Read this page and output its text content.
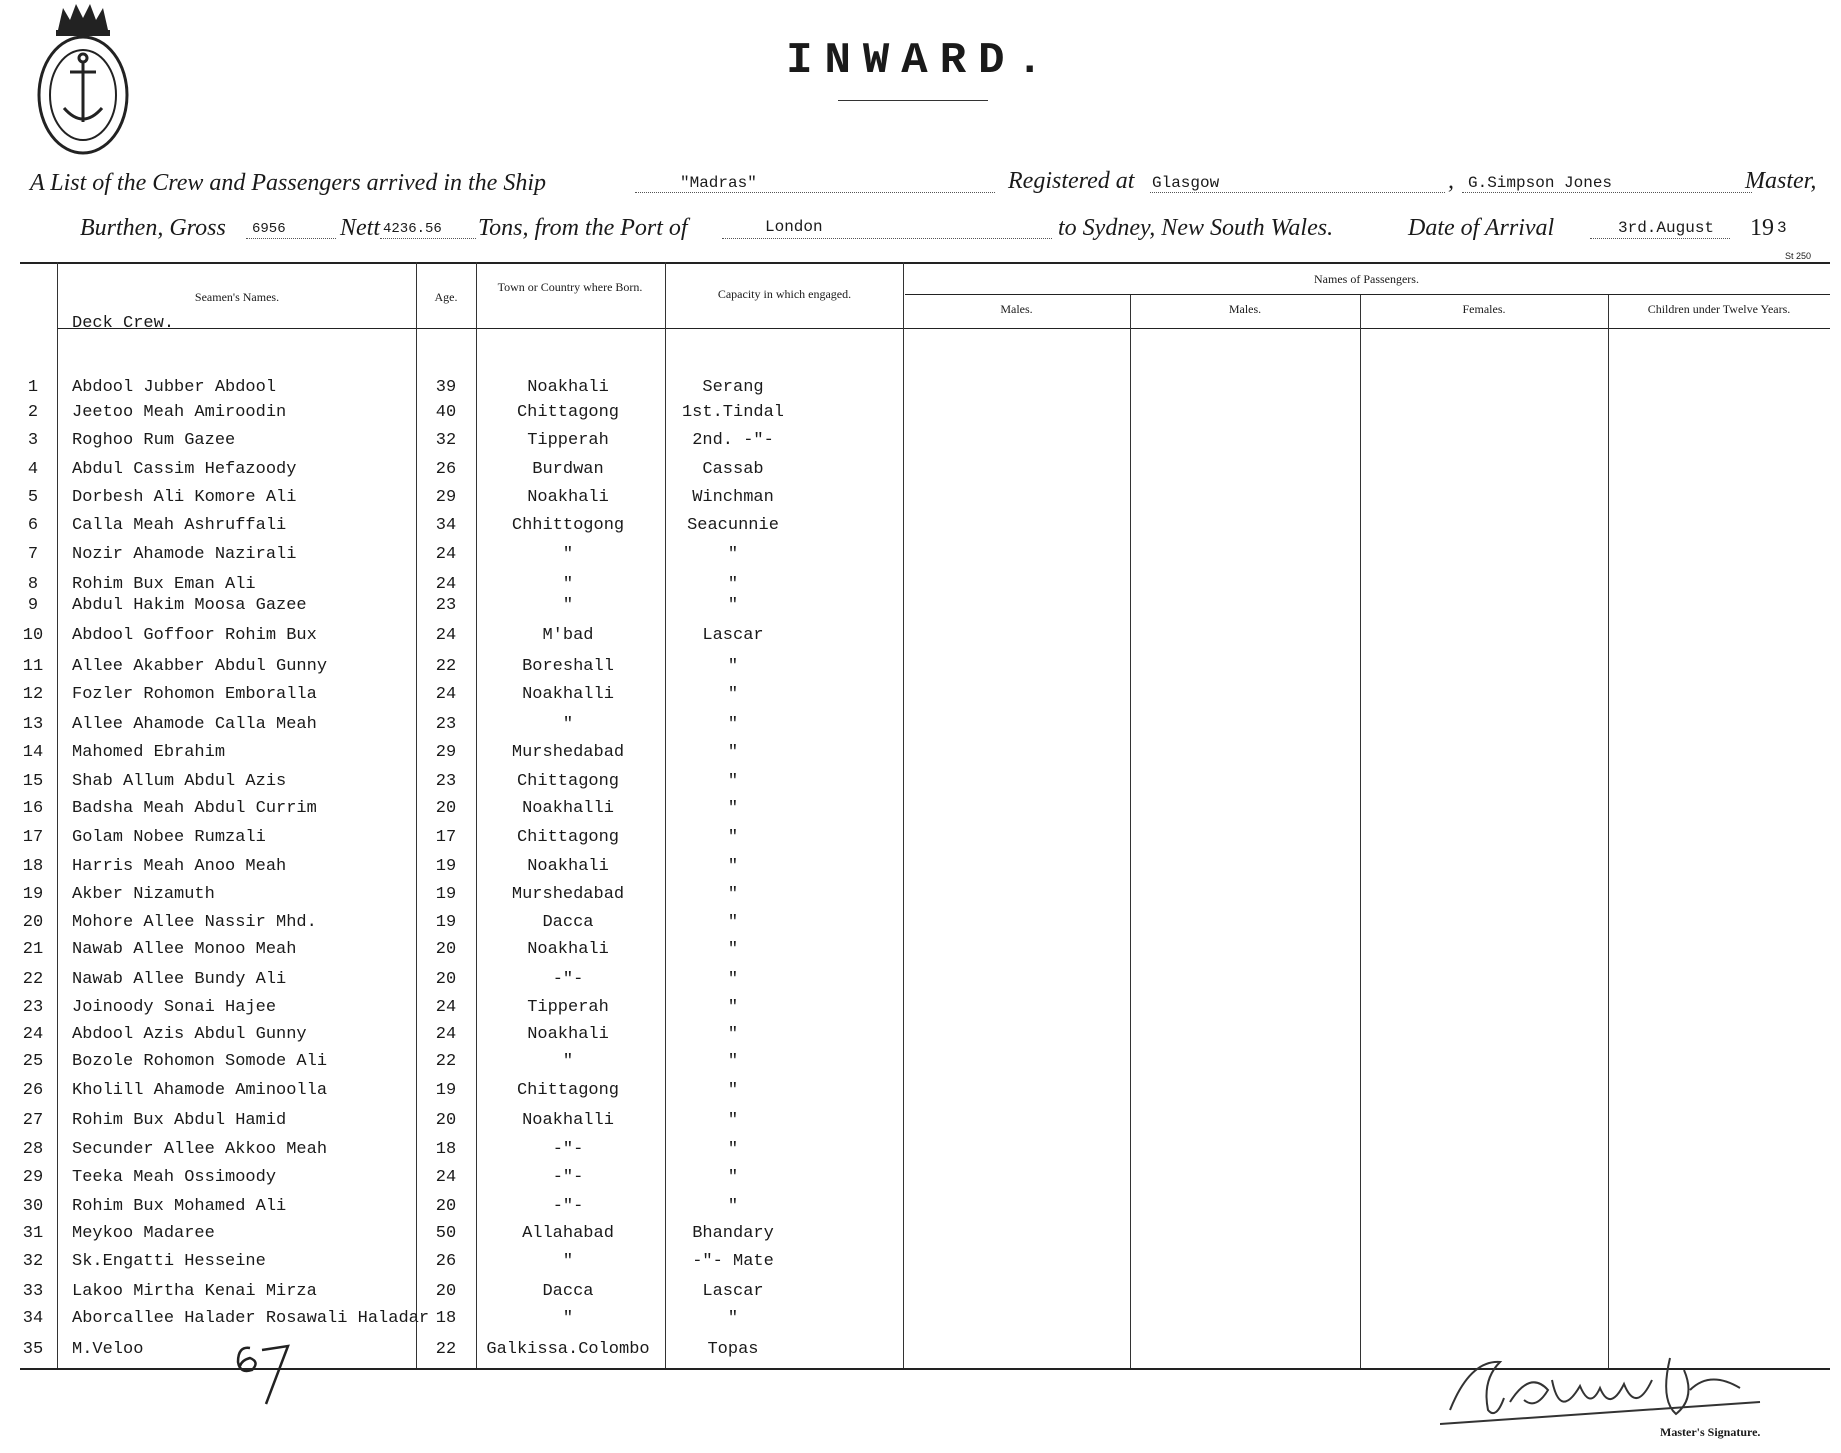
INWARD.
A List of the Crew and Passengers arrived in the Ship	"Madras"	Registered at Glasgow	, G.Simpson Jones	Master,
Burthen, Gross 6956 Nett 4236.56 Tons, from the Port of	London	to Sydney, New South Wales.	Date of Arrival	3rd.August 19 3
St 250
Seamen's Names.	Age.
Town or Country where Born.	Capacity in which engaged.
Names of Passengers.
Males.	Males.	Females.	Children under Twelve Years.
Deck Crew.
1	Abdool Jubber Abdool	39	Noakhali	Serang
2	Jeetoo Meah Amiroodin	40	Chittagong	1st.Tindal
3	Roghoo Rum Gazee	32	Tipperah	2nd. -"-
4	Abdul Cassim Hefazoody	26	Burdwan	Cassab
5	Dorbesh Ali Komore Ali	29	Noakhali	Winchman
6	Calla Meah Ashruffali	34	Chhittogong	Seacunnie
7	Nozir Ahamode Nazirali	24	"	"
8	Rohim Bux Eman Ali	24	"	"
9	Abdul Hakim Moosa Gazee	23	"	"
10 Abdool Goffoor Rohim Bux	24	M'bad	Lascar
11 Allee Akabber Abdul Gunny	22	Boreshall	"
12 Fozler Rohomon Emboralla	24	Noakhalli	"
13 Allee Ahamode Calla Meah	23	"	"
14 Mahomed Ebrahim	29	Murshedabad	"
15 Shab Allum Abdul Azis	23	Chittagong	"
16 Badsha Meah Abdul Currim	20	Noakhalli	"
17 Golam Nobee Rumzali	17	Chittagong	"
18 Harris Meah Anoo Meah	19	Noakhali	"
19 Akber Nizamuth	19	Murshedabad	"
20 Mohore Allee Nassir Mhd.	19	Dacca	"
21 Nawab Allee Monoo Meah	20	Noakhali	"
22 Nawab Allee Bundy Ali	20	-"-	"
23 Joinoody Sonai Hajee	24	Tipperah	"
24 Abdool Azis Abdul Gunny	24	Noakhali	"
25 Bozole Rohomon Somode Ali	22	"	"
26 Kholill Ahamode Aminoolla	19	Chittagong	"
27 Rohim Bux Abdul Hamid	20	Noakhalli	"
28 Secunder Allee Akkoo Meah	18	-"-	"
29 Teeka Meah Ossimoody	24	-"-	"
30 Rohim Bux Mohamed Ali	20	-"-	"
31 Meykoo Madaree	50	Allahabad	Bhandary
32 Sk.Engatti Hesseine	26	"	-"- Mate
33 Lakoo Mirtha Kenai Mirza	20	Dacca	Lascar
34 Aborcallee Halader Rosawali Haladar 18	"	"
35 M.Veloo	22	Galkissa.Colombo	Topas
Master's Signature.
